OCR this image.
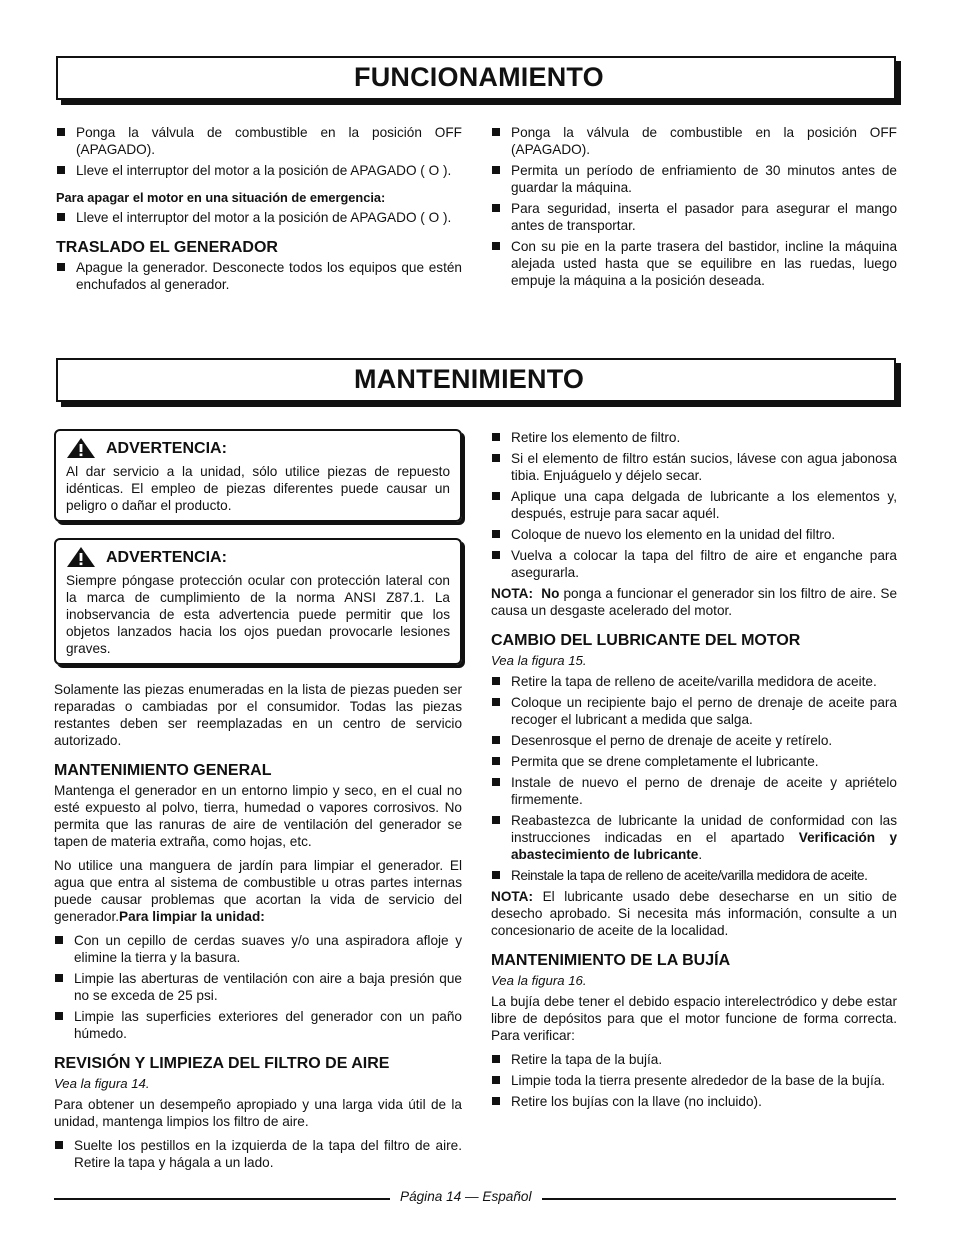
FUNCIONAMIENTO
Ponga la válvula de combustible en la posición OFF (APAGADO).
Lleve el interruptor del motor a la posición de APAGADO ( O ).
Para apagar el motor en una situación de emergencia:
Lleve el interruptor del motor a la posición de APAGADO ( O ).
TRASLADO EL GENERADOR
Apague la generador. Desconecte todos los equipos que estén enchufados al generador.
Ponga la válvula de combustible en la posición OFF (APAGADO).
Permita un período de enfriamiento de 30 minutos antes de guardar la máquina.
Para seguridad, inserta el pasador para asegurar el mango antes de transportar.
Con su pie en la parte trasera del bastidor, incline la máquina alejada usted hasta que se equilibre en las ruedas, luego empuje la máquina a la posición deseada.
MANTENIMIENTO
ADVERTENCIA:

Al dar servicio a la unidad, sólo utilice piezas de repuesto idénticas. El empleo de piezas diferentes puede causar un peligro o dañar el producto.

ADVERTENCIA:

Siempre póngase protección ocular con protección lateral con la marca de cumplimiento de la norma ANSI Z87.1. La inobservancia de esta advertencia puede permitir que los objetos lanzados hacia los ojos puedan provocarle lesiones graves.

Solamente las piezas enumeradas en la lista de piezas pueden ser reparadas o cambiadas por el consumidor. Todas las piezas restantes deben ser reemplazadas en un centro de servicio autorizado.

MANTENIMIENTO GENERAL

Mantenga el generador en un entorno limpio y seco, en el cual no esté expuesto al polvo, tierra, humedad o vapores corrosivos. No permita que las ranuras de aire de ventilación del generador se tapen de materia extraña, como hojas, etc.

No utilice una manguera de jardín para limpiar el generador. El agua que entra al sistema de combustible u otras partes internas puede causar problemas que acortan la vida de servicio del generador.Para limpiar la unidad:

Con un cepillo de cerdas suaves y/o una aspiradora afloje y elimine la tierra y la basura.
Limpie las aberturas de ventilación con aire a baja presión que no se exceda de 25 psi.
Limpie las superficies exteriores del generador con un paño húmedo.
REVISIÓN Y LIMPIEZA DEL FILTRO DE AIRE
Vea la figura 14.

Para obtener un desempeño apropiado y una larga vida útil de la unidad, mantenga limpios los filtro de aire.

Suelte los pestillos en la izquierda de la tapa del filtro de aire. Retire la tapa y hágala a un lado.
Retire los elemento de filtro.
Si el elemento de filtro están sucios, lávese con agua jabonosa tibia. Enjuáguelo y déjelo secar.
Aplique una capa delgada de lubricante a los elementos y, después, estruje para sacar aquél.
Coloque de nuevo los elemento en la unidad del filtro.
Vuelva a colocar la tapa del filtro de aire et enganche para asegurarla.

NOTA: No ponga a funcionar el generador sin los filtro de aire. Se causa un desgaste acelerado del motor.

CAMBIO DEL LUBRICANTE DEL MOTOR
Vea la figura 15.
Retire la tapa de relleno de aceite/varilla medidora de aceite.
Coloque un recipiente bajo el perno de drenaje de aceite para recoger el lubricant a medida que salga.
Desenrosque el perno de drenaje de aceite y retírelo.
Permita que se drene completamente el lubricante.
Instale de nuevo el perno de drenaje de aceite y apriételo firmemente.
Reabastezca de lubricante la unidad de conformidad con las instrucciones indicadas en el apartado Verificación y abastecimiento de lubricante.
Reinstale la tapa de relleno de aceite/varilla medidora de aceite.

NOTA: El lubricante usado debe desecharse en un sitio de desecho aprobado. Si necesita más información, consulte a un concesionario de aceite de la localidad.

MANTENIMIENTO DE LA BUJÍA
Vea la figura 16.

La bujía debe tener el debido espacio interelectródico y debe estar libre de depósitos para que el motor funcione de forma correcta. Para verificar:

Retire la tapa de la bujía.
Limpie toda la tierra presente alrededor de la base de la bujía.
Retire los bujías con la llave (no incluido).
Página 14 — Español
